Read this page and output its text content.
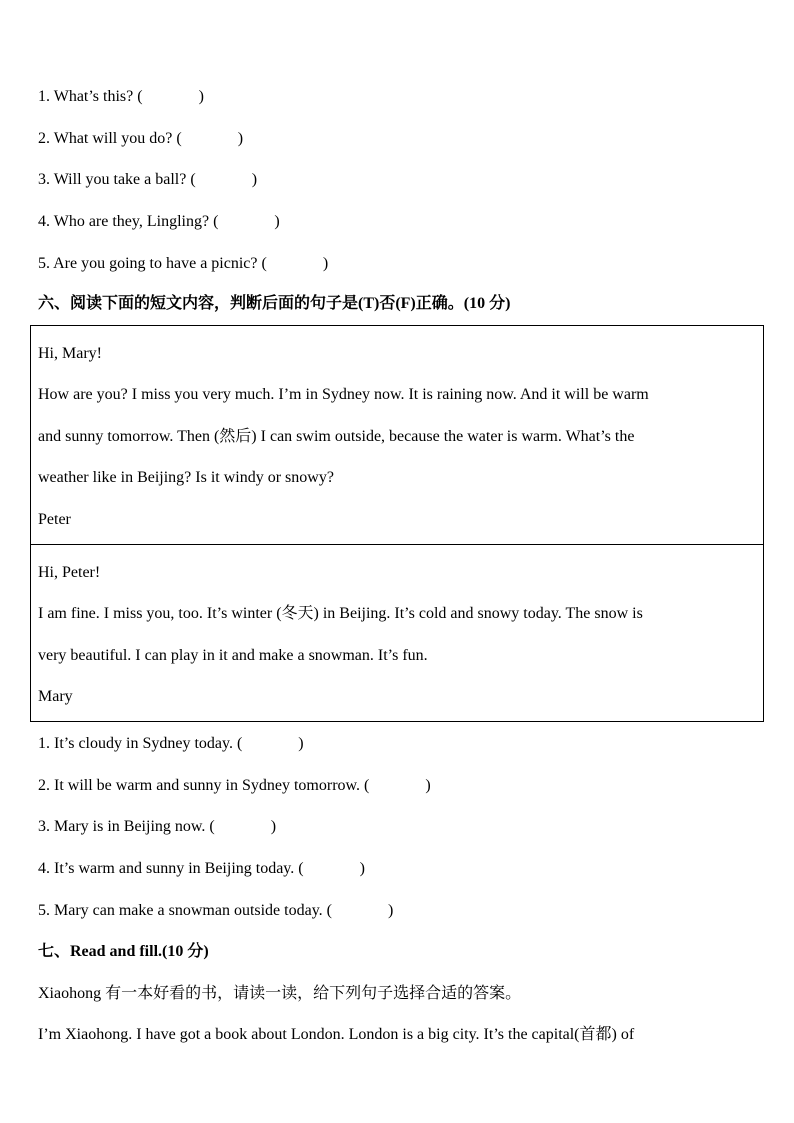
1. What’s this? (	)
2. What will you do? (	)
3. Will you take a ball? (	)
4. Who are they, Lingling? (	)
5. Are you going to have a picnic? (	)
六、阅读下面的短文内容，判断后面的句子是(T)否(F)正确。(10 分)
Hi, Mary!
How are you? I miss you very much. I’m in Sydney now. It is raining now. And it will be warm
and sunny tomorrow. Then (然后) I can swim outside, because the water is warm. What’s the
weather like in Beijing? Is it windy or snowy?
Peter
Hi, Peter!
I am fine. I miss you, too. It’s winter (冬天) in Beijing. It’s cold and snowy today. The snow is
very beautiful. I can play in it and make a snowman. It’s fun.
Mary
1. It’s cloudy in Sydney today. (	)
2. It will be warm and sunny in Sydney tomorrow. (	)
3. Mary is in Beijing now. (	)
4. It’s warm and sunny in Beijing today. (	)
5. Mary can make a snowman outside today. (	)
七、Read and fill.(10 分)
Xiaohong 有一本好看的书，请读一读，给下列句子选择合适的答案。
I’m Xiaohong. I have got a book about London. London is a big city. It’s the capital(首都) of
